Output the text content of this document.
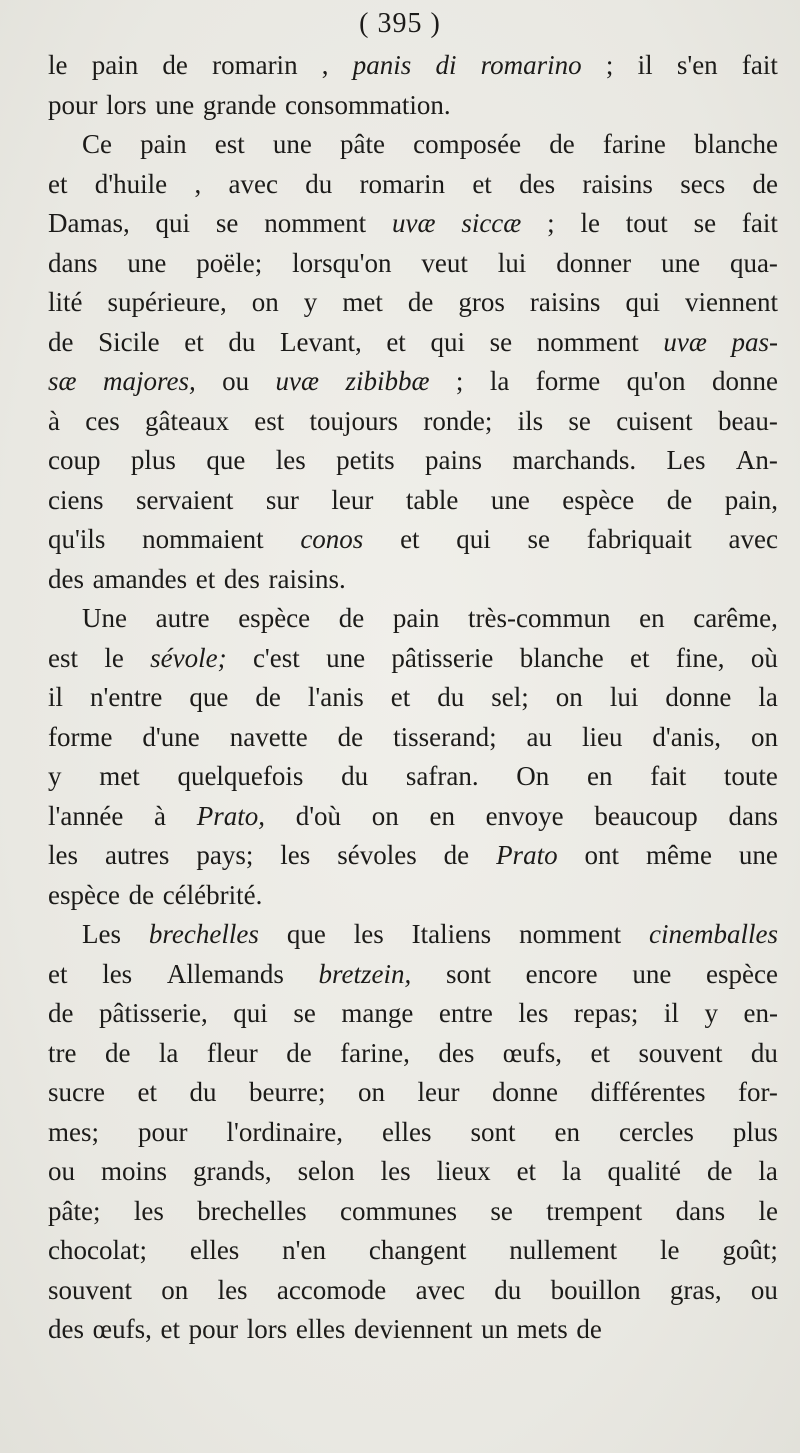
( 395 )
le pain de romarin , panis di romarino ; il s'en fait
pour lors une grande consommation.
Ce pain est une pâte composée de farine blanche
et d'huile , avec du romarin et des raisins secs de
Damas, qui se nomment uvæ siccæ ; le tout se fait
dans une poële; lorsqu'on veut lui donner une qua-
lité supérieure, on y met de gros raisins qui viennent
de Sicile et du Levant, et qui se nomment uvæ pas-
sæ majores, ou uvæ zibibbæ ; la forme qu'on donne
à ces gâteaux est toujours ronde; ils se cuisent beau-
coup plus que les petits pains marchands. Les An-
ciens servaient sur leur table une espèce de pain,
qu'ils nommaient conos et qui se fabriquait avec
des amandes et des raisins.
Une autre espèce de pain très-commun en carême,
est le sévole; c'est une pâtisserie blanche et fine, où
il n'entre que de l'anis et du sel; on lui donne la
forme d'une navette de tisserand; au lieu d'anis, on
y met quelquefois du safran. On en fait toute
l'année à Prato, d'où on en envoye beaucoup dans
les autres pays; les sévoles de Prato ont même une
espèce de célébrité.
Les brechelles que les Italiens nomment cinemballes
et les Allemands bretzein, sont encore une espèce
de pâtisserie, qui se mange entre les repas; il y en-
tre de la fleur de farine, des œufs, et souvent du
sucre et du beurre; on leur donne différentes for-
mes; pour l'ordinaire, elles sont en cercles plus
ou moins grands, selon les lieux et la qualité de la
pâte; les brechelles communes se trempent dans le
chocolat; elles n'en changent nullement le goût;
souvent on les accomode avec du bouillon gras, ou
des œufs, et pour lors elles deviennent un mets de
